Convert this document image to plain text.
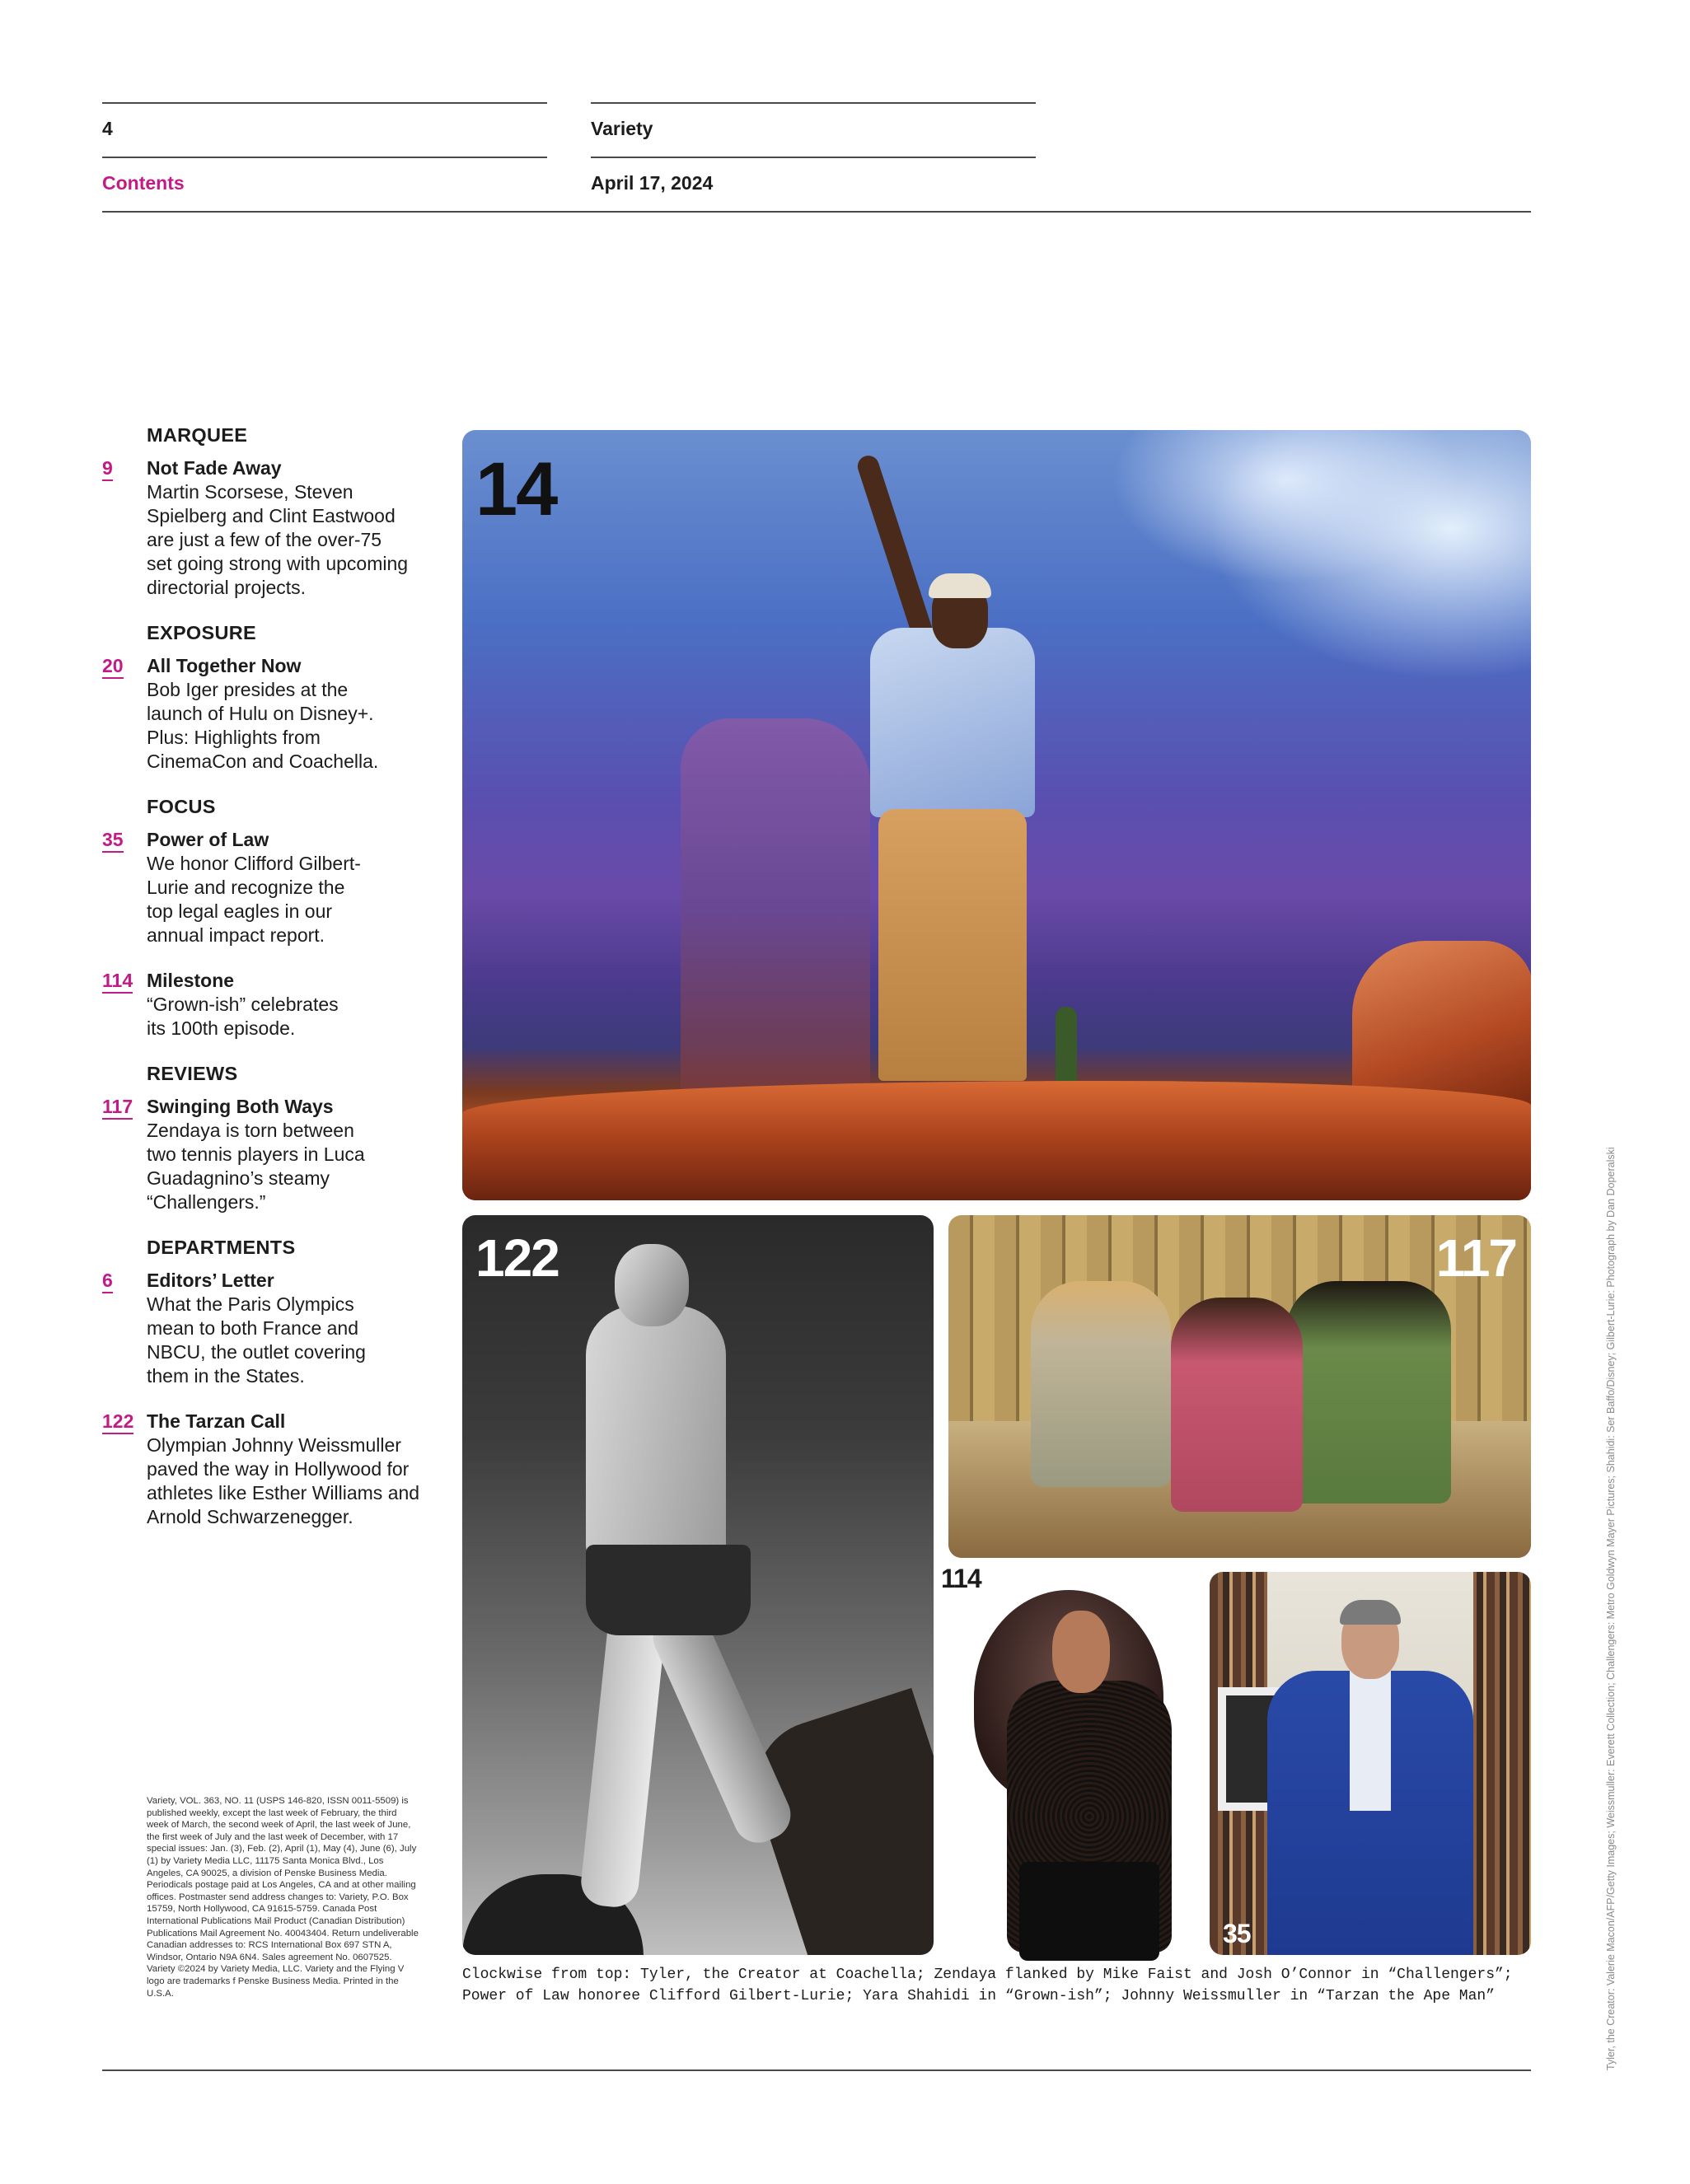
4	Variety
Contents	April 17, 2024
MARQUEE
9	Not Fade Away
Martin Scorsese, Steven Spielberg and Clint Eastwood are just a few of the over-75 set going strong with upcoming directorial projects.
EXPOSURE
20	All Together Now
Bob Iger presides at the launch of Hulu on Disney+. Plus: Highlights from CinemaCon and Coachella.
FOCUS
35	Power of Law
We honor Clifford Gilbert-Lurie and recognize the top legal eagles in our annual impact report.
114 Milestone
“Grown-ish” celebrates its 100th episode.
REVIEWS
117 Swinging Both Ways
Zendaya is torn between two tennis players in Luca Guadagnino’s steamy “Challengers.”
DEPARTMENTS
6	Editors’ Letter
What the Paris Olympics mean to both France and NBCU, the outlet covering them in the States.
122 The Tarzan Call
Olympian Johnny Weissmuller paved the way in Hollywood for athletes like Esther Williams and Arnold Schwarzenegger.
Variety, VOL. 363, NO. 11 (USPS 146-820, ISSN 0011-5509) is published weekly, except the last week of February, the third week of March, the second week of April, the last week of June, the first week of July and the last week of December, with 17 special issues: Jan. (3), Feb. (2), April (1), May (4), June (6), July (1) by Variety Media LLC, 11175 Santa Monica Blvd., Los Angeles, CA 90025, a division of Penske Business Media. Periodicals postage paid at Los Angeles, CA and at other mailing offices. Postmaster send address changes to: Variety, P.O. Box 15759, North Hollywood, CA 91615-5759. Canada Post International Publications Mail Product (Canadian Distribution) Publications Mail Agreement No. 40043404. Return undeliverable Canadian addresses to: RCS International Box 697 STN A, Windsor, Ontario N9A 6N4. Sales agreement No. 0607525. Variety ©2024 by Variety Media, LLC. Variety and the Flying V logo are trademarks f Penske Business Media. Printed in the U.S.A.
14
122	117
114
35
Clockwise from top: Tyler, the Creator at Coachella; Zendaya flanked by Mike Faist and Josh O’Connor in “Challengers”;
Power of Law honoree Clifford Gilbert-Lurie; Yara Shahidi in “Grown-ish”; Johnny Weissmuller in “Tarzan the Ape Man”	Tyler, the Creator: Valerie Macon/AFP/Getty Images; Weissmuller: Everett Collection; Challengers: Metro Goldwyn Mayer Pictures; Shahidi: Ser Baffo/Disney; Gilbert-Lurie: Photograph by Dan Doperalski
